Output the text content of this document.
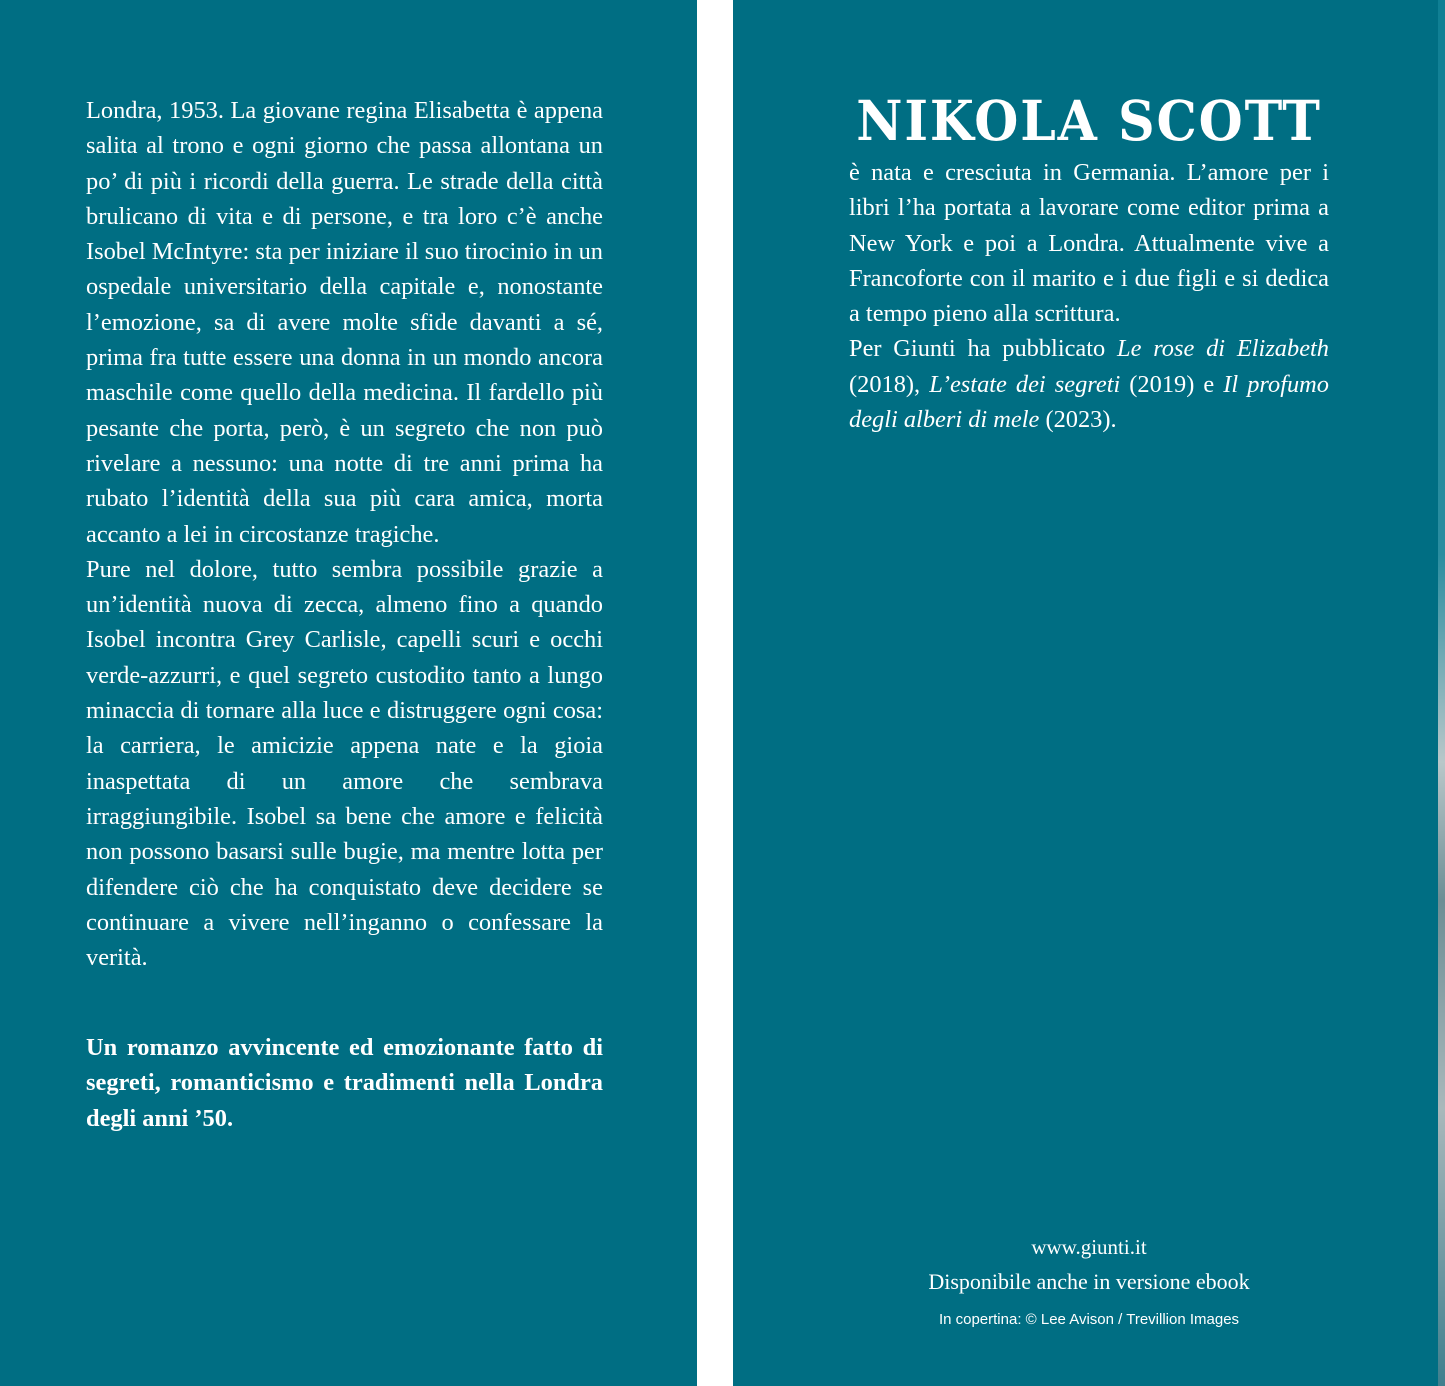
Londra, 1953. La giovane regina Elisabetta è appena salita al trono e ogni giorno che passa allontana un po’ di più i ricordi della guerra. Le strade della città brulicano di vita e di persone, e tra loro c’è anche Isobel McIntyre: sta per iniziare il suo tirocinio in un ospedale universitario della capitale e, nonostante l’emozione, sa di avere molte sfide davanti a sé, prima fra tutte essere una donna in un mondo ancora maschile come quello della medicina. Il fardello più pesante che porta, però, è un segreto che non può rivelare a nessuno: una notte di tre anni prima ha rubato l’identità della sua più cara amica, morta accanto a lei in circostanze tragiche.

Pure nel dolore, tutto sembra possibile grazie a un’identità nuova di zecca, almeno fino a quando Isobel incontra Grey Carlisle, capelli scuri e occhi verde-azzurri, e quel segreto custodito tanto a lungo minaccia di tornare alla luce e distruggere ogni cosa: la carriera, le amicizie appena nate e la gioia inaspettata di un amore che sembrava irraggiungibile. Isobel sa bene che amore e felicità non possono basarsi sulle bugie, ma mentre lotta per difendere ciò che ha conquistato deve decidere se continuare a vivere nell’inganno o confessare la verità.

Un romanzo avvincente ed emozionante fatto di segreti, romanticismo e tradimenti nella Londra degli anni ’50.

NIKOLA SCOTT

è nata e cresciuta in Germania. L’amore per i libri l’ha portata a lavorare come editor prima a New York e poi a Londra. Attualmente vive a Francoforte con il marito e i due figli e si dedica a tempo pieno alla scrittura.

Per Giunti ha pubblicato Le rose di Elizabeth (2018), L’estate dei segreti (2019) e Il profumo degli alberi di mele (2023).

www.giunti.it
Disponibile anche in versione ebook
In copertina: © Lee Avison / Trevillion Images
